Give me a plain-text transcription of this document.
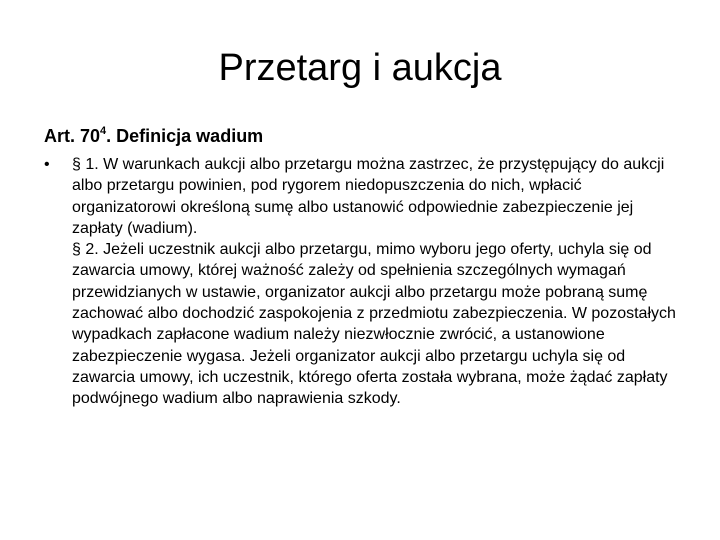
Przetarg i aukcja
Art. $70^4$. Definicja wadium
•	§ 1. W warunkach aukcji albo przetargu można zastrzec, że przystępujący do aukcji albo przetargu powinien, pod rygorem niedopuszczenia do nich, wpłacić organizatorowi określoną sumę albo ustanowić odpowiednie zabezpieczenie jej zapłaty (wadium).

§ 2. Jeżeli uczestnik aukcji albo przetargu, mimo wyboru jego oferty, uchyla się od zawarcia umowy, której ważność zależy od spełnienia szczególnych wymagań przewidzianych w ustawie, organizator aukcji albo przetargu może pobraną sumę zachować albo dochodzić zaspokojenia z przedmiotu zabezpieczenia. W pozostałych wypadkach zapłacone wadium należy niezwłocznie zwrócić, a ustanowione zabezpieczenie wygasa. Jeżeli organizator aukcji albo przetargu uchyla się od zawarcia umowy, ich uczestnik, którego oferta została wybrana, może żądać zapłaty podwójnego wadium albo naprawienia szkody.
